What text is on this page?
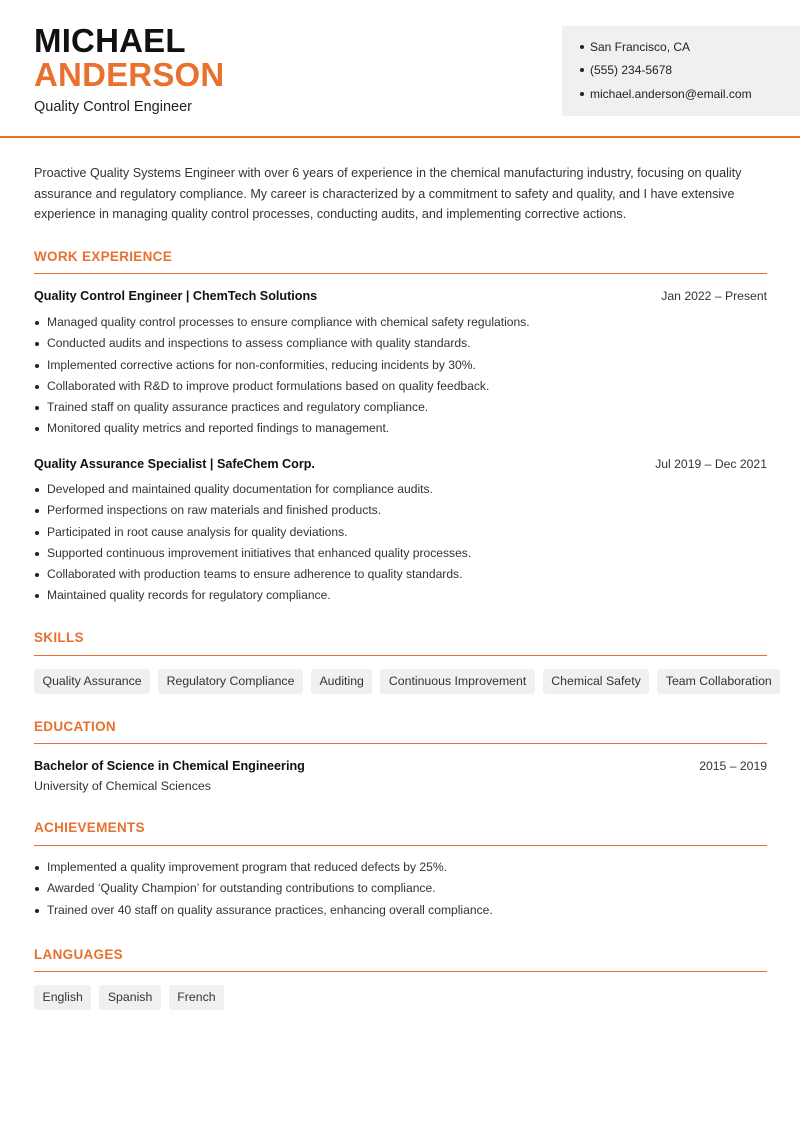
MICHAEL
ANDERSON
Quality Control Engineer
San Francisco, CA
(555) 234-5678
michael.anderson@email.com
Proactive Quality Systems Engineer with over 6 years of experience in the chemical manufacturing industry, focusing on quality assurance and regulatory compliance. My career is characterized by a commitment to safety and quality, and I have extensive experience in managing quality control processes, conducting audits, and implementing corrective actions.
WORK EXPERIENCE
Quality Control Engineer | ChemTech Solutions	Jan 2022 – Present
Managed quality control processes to ensure compliance with chemical safety regulations.
Conducted audits and inspections to assess compliance with quality standards.
Implemented corrective actions for non-conformities, reducing incidents by 30%.
Collaborated with R&D to improve product formulations based on quality feedback.
Trained staff on quality assurance practices and regulatory compliance.
Monitored quality metrics and reported findings to management.
Quality Assurance Specialist | SafeChem Corp.	Jul 2019 – Dec 2021
Developed and maintained quality documentation for compliance audits.
Performed inspections on raw materials and finished products.
Participated in root cause analysis for quality deviations.
Supported continuous improvement initiatives that enhanced quality processes.
Collaborated with production teams to ensure adherence to quality standards.
Maintained quality records for regulatory compliance.
SKILLS
Quality Assurance	Regulatory Compliance	Auditing	Continuous Improvement	Chemical Safety	Team Collaboration
EDUCATION
Bachelor of Science in Chemical Engineering	2015 – 2019
University of Chemical Sciences
ACHIEVEMENTS
Implemented a quality improvement program that reduced defects by 25%.
Awarded ‘Quality Champion’ for outstanding contributions to compliance.
Trained over 40 staff on quality assurance practices, enhancing overall compliance.
LANGUAGES
English	Spanish	French
